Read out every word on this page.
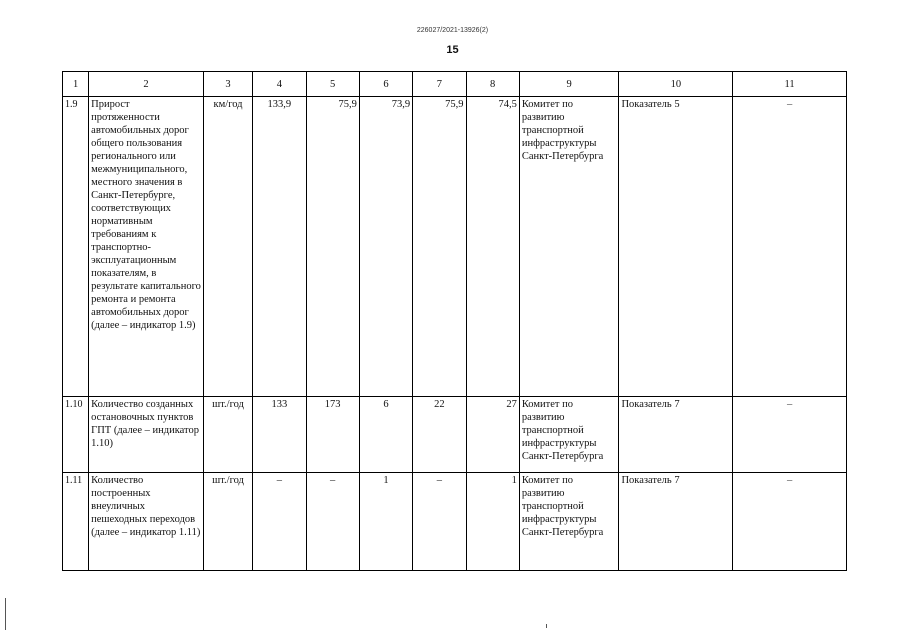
226027/2021-13926(2)
15
1	2	3	4	5	6	7	8	9	10	11
1.9	Прирост протяженности автомобильных дорог общего пользования регионального или межмуниципального, местного значения в Санкт-Петербурге, соответствующих нормативным требованиям к транспортно-эксплуатационным показателям, в результате капитального ремонта и ремонта автомобильных дорог (далее – индикатор 1.9)	км/год	133,9	75,9	73,9	75,9	74,5	Комитет по развитию транспортной инфраструктуры Санкт-Петербурга	Показатель 5	–
1.10	Количество созданных остановочных пунктов ГПТ (далее – индикатор 1.10)	шт./год	133	173	6	22	27	Комитет по развитию транспортной инфраструктуры Санкт-Петербурга	Показатель 7	–
1.11	Количество построенных внеуличных пешеходных переходов (далее – индикатор 1.11)	шт./год	–	–	1	–	1	Комитет по развитию транспортной инфраструктуры Санкт-Петербурга	Показатель 7	–
